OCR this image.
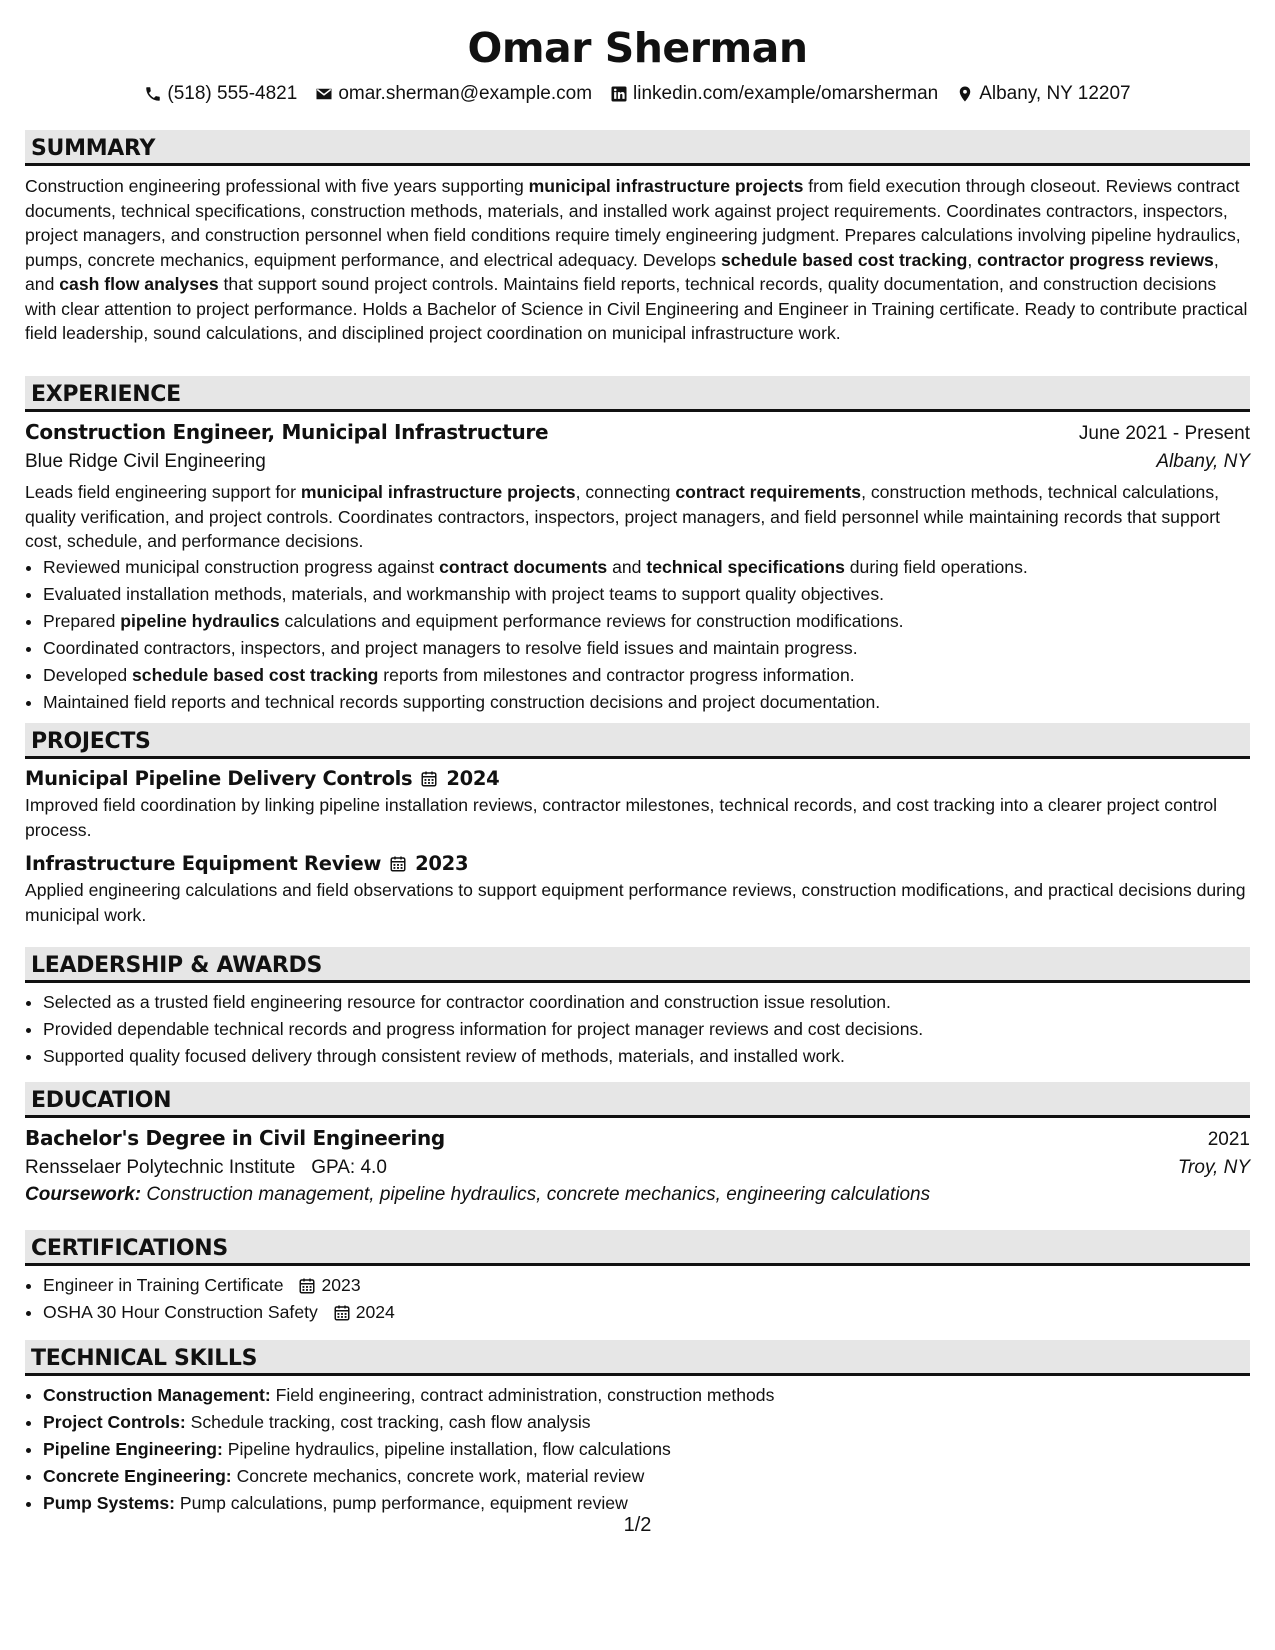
Omar Sherman
(518) 555-4821 omar.sherman@example.com linkedin.com/example/omarsherman Albany, NY 12207
SUMMARY

Construction engineering professional with five years supporting municipal infrastructure projects from field execution through closeout. Reviews contract documents, technical specifications, construction methods, materials, and installed work against project requirements. Coordinates contractors, inspectors, project managers, and construction personnel when field conditions require timely engineering judgment. Prepares calculations involving pipeline hydraulics, pumps, concrete mechanics, equipment performance, and electrical adequacy. Develops schedule based cost tracking, contractor progress reviews, and cash flow analyses that support sound project controls. Maintains field reports, technical records, quality documentation, and construction decisions with clear attention to project performance. Holds a Bachelor of Science in Civil Engineering and Engineer in Training certificate. Ready to contribute practical field leadership, sound calculations, and disciplined project coordination on municipal infrastructure work.

EXPERIENCE
Construction Engineer, Municipal Infrastructure	June 2021 - Present
Blue Ridge Civil Engineering	Albany, NY

Leads field engineering support for municipal infrastructure projects, connecting contract requirements, construction methods, technical calculations, quality verification, and project controls. Coordinates contractors, inspectors, project managers, and field personnel while maintaining records that support cost, schedule, and performance decisions.

• Reviewed municipal construction progress against contract documents and technical specifications during field operations.
• Evaluated installation methods, materials, and workmanship with project teams to support quality objectives.
• Prepared pipeline hydraulics calculations and equipment performance reviews for construction modifications.
• Coordinated contractors, inspectors, and project managers to resolve field issues and maintain progress.
• Developed schedule based cost tracking reports from milestones and contractor progress information.
• Maintained field reports and technical records supporting construction decisions and project documentation.
PROJECTS
Municipal Pipeline Delivery Controls 2024

Improved field coordination by linking pipeline installation reviews, contractor milestones, technical records, and cost tracking into a clearer project control process.

Infrastructure Equipment Review 2023

Applied engineering calculations and field observations to support equipment performance reviews, construction modifications, and practical decisions during municipal work.

LEADERSHIP & AWARDS
• Selected as a trusted field engineering resource for contractor coordination and construction issue resolution.
• Provided dependable technical records and progress information for project manager reviews and cost decisions.
• Supported quality focused delivery through consistent review of methods, materials, and installed work.
EDUCATION
Bachelor's Degree in Civil Engineering	2021
Rensselaer Polytechnic Institute GPA: 4.0	Troy, NY
Coursework: Construction management, pipeline hydraulics, concrete mechanics, engineering calculations
CERTIFICATIONS
• Engineer in Training Certificate
2023
• OSHA 30 Hour Construction Safety
2024
TECHNICAL SKILLS
• Construction Management: Field engineering, contract administration, construction methods
• Project Controls: Schedule tracking, cost tracking, cash flow analysis
• Pipeline Engineering: Pipeline hydraulics, pipeline installation, flow calculations
• Concrete Engineering: Concrete mechanics, concrete work, material review
• Pump Systems: Pump calculations, pump performance, equipment review
1/2
